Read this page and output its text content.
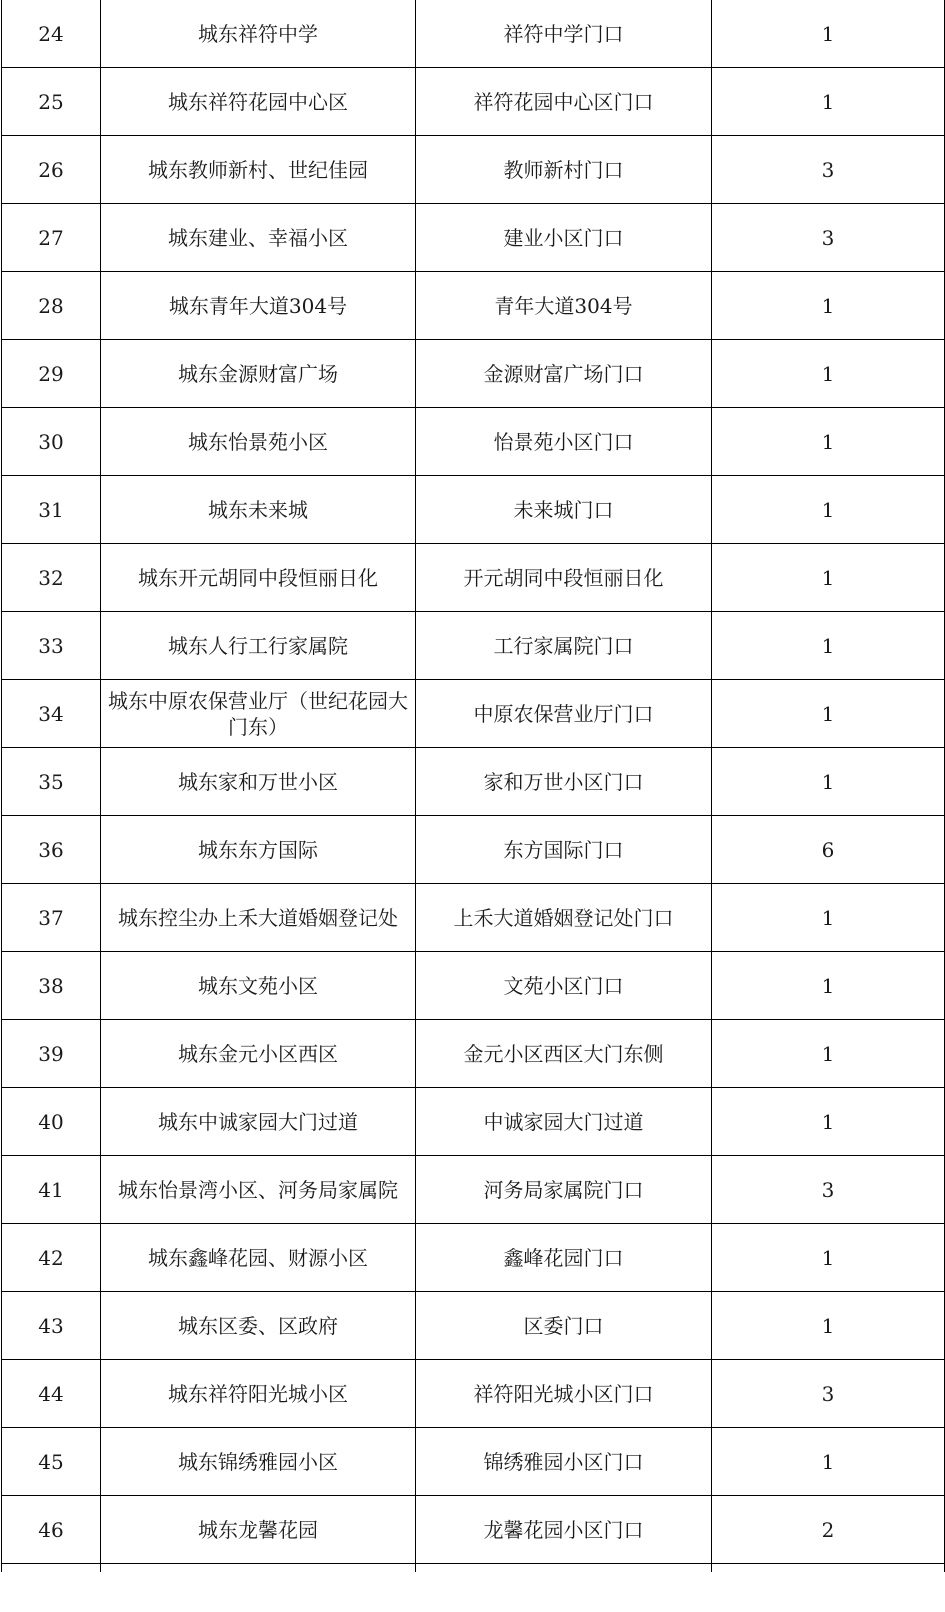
24	城东祥符中学	祥符中学门口	1
25	城东祥符花园中心区	祥符花园中心区门口	1
26	城东教师新村、世纪佳园	教师新村门口	3
27	城东建业、幸福小区	建业小区门口	3
28	城东青年大道304号	青年大道304号	1
29	城东金源财富广场	金源财富广场门口	1
30	城东怡景苑小区	怡景苑小区门口	1
31	城东未来城	未来城门口	1
32	城东开元胡同中段恒丽日化	开元胡同中段恒丽日化	1
33	城东人行工行家属院	工行家属院门口	1
34	城东中原农保营业厅（世纪花园大门东）	中原农保营业厅门口	1
35	城东家和万世小区	家和万世小区门口	1
36	城东东方国际	东方国际门口	6
37	城东控尘办上禾大道婚姻登记处	上禾大道婚姻登记处门口	1
38	城东文苑小区	文苑小区门口	1
39	城东金元小区西区	金元小区西区大门东侧	1
40	城东中诚家园大门过道	中诚家园大门过道	1
41	城东怡景湾小区、河务局家属院	河务局家属院门口	3
42	城东鑫峰花园、财源小区	鑫峰花园门口	1
43	城东区委、区政府	区委门口	1
44	城东祥符阳光城小区	祥符阳光城小区门口	3
45	城东锦绣雅园小区	锦绣雅园小区门口	1
46	城东龙馨花园	龙馨花园小区门口	2
